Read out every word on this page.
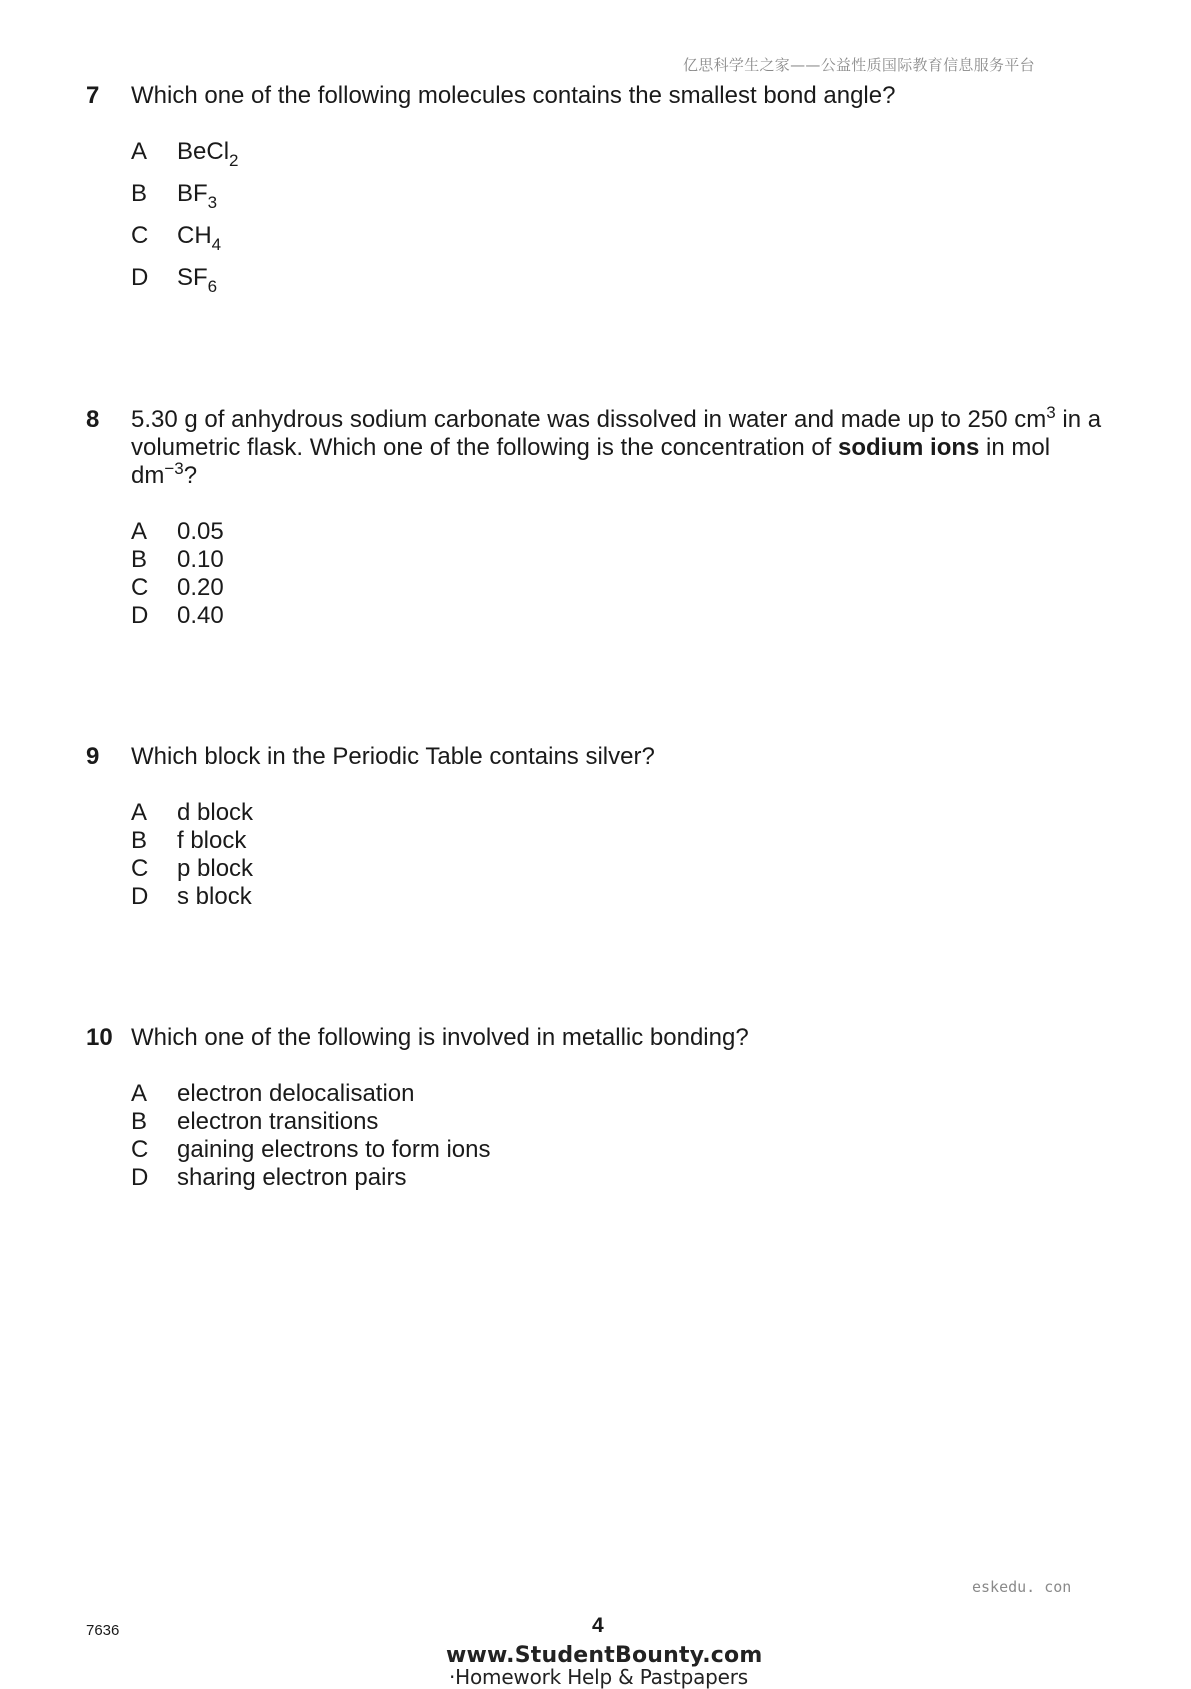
亿思科学生之家——公益性质国际教育信息服务平台
7 Which one of the following molecules contains the smallest bond angle?
A BeCl$_2$
B $BF_3$
C $CH_4$
D $SF_6$
8 5.30 g of anhydrous sodium carbonate was dissolved in water and made up to 250 $cm^3$ in a volumetric flask. Which one of the following is the concentration of sodium ions in mol $dm^{-3}$?
A 0.05
B 0.10
C 0.20
D 0.40
9 Which block in the Periodic Table contains silver?
A d block
B f block
C p block
D s block
10 Which one of the following is involved in metallic bonding?
A electron delocalisation
B electron transitions
C gaining electrons to form ions
D sharing electron pairs
eskedu. con
7636	4
www.StudentBounty.com
·Homework Help & Pastpapers
